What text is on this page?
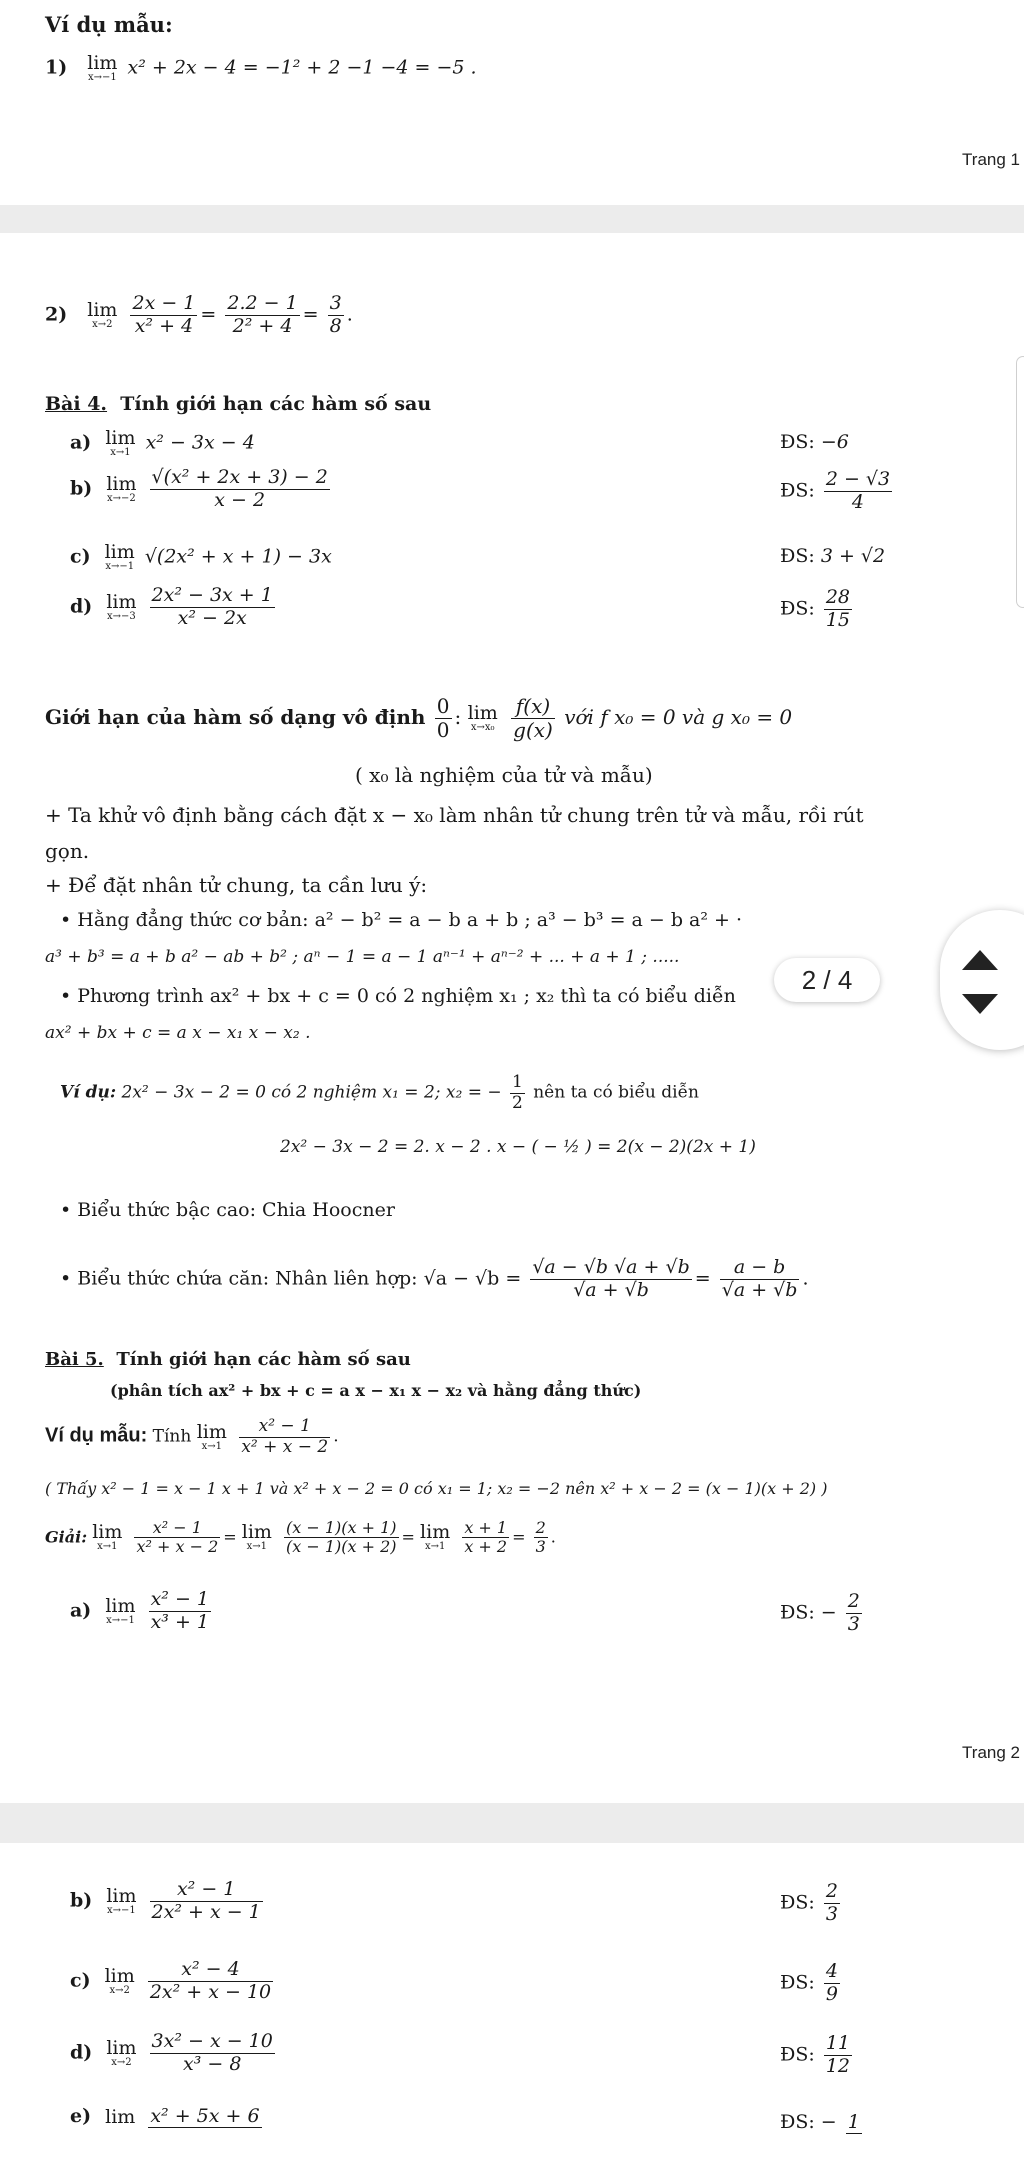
Ví dụ mẫu:
1) lim
x→−1 x² + 2x − 4 = −1² + 2 −1 −4 = −5 .
Trang 1
2) lim
x→2
$\frac{2x - 1}{\text{x² + 4}} = \frac{2.2 - 1}{\text{2² + 4}} = \frac{3}{8}$ .
Bài 4. Tính giới hạn các hàm số sau
a) lim
x→1 x² − 3x − 4	ĐS: −6
b) lim
x→−2
$\frac{\text{√(x² + 2x + 3) − 2}}{x - 2}$	ĐS: $\frac{2 - √3}{4}$
c) lim
x→−1 √(2x² + x + 1) − 3x	ĐS: 3 + √2
d) lim
x→−3
$\frac{\text{2x² − 3x + 1}}{\text{x² − 2x}}$	ĐS: $\frac{28}{15}$
Giới hạn của hàm số dạng vô định $\frac{0}{0}$ : lim
x→x₀
$\frac{f(x)}{g(x)}$ với f x₀ = 0 và g x₀ = 0
( x₀ là nghiệm của tử và mẫu)
+ Ta khử vô định bằng cách đặt x − x₀ làm nhân tử chung trên tử và mẫu, rồi rút
gọn.
+ Để đặt nhân tử chung, ta cần lưu ý:
• Hằng đẳng thức cơ bản: a² − b² = a − b a + b ; a³ − b³ = a − b a² + ·
a³ + b³ = a + b a² − ab + b² ; aⁿ − 1 = a − 1 aⁿ⁻¹ + aⁿ⁻² + ... + a + 1 ; .....
• Phương trình ax² + bx + c = 0 có 2 nghiệm x₁ ; x₂ thì ta có biểu diễn
ax² + bx + c = a x − x₁ x − x₂ .
Ví dụ: 2x² − 3x − 2 = 0 có 2 nghiệm x₁ = 2; x₂ = − $\frac{1}{2}$ nên ta có biểu diễn
2x² − 3x − 2 = 2. x − 2 . x − ( − ½ ) = 2(x − 2)(2x + 1)
• Biểu thức bậc cao: Chia Hoocner
• Biểu thức chứa căn: Nhân liên hợp: $√a - √b = \frac{√a - √b √a + √b}{√a + √b} = \frac{a - b}{√a + √b}$ .
Bài 5. Tính giới hạn các hàm số sau
(phân tích ax² + bx + c = a x − x₁ x − x₂ và hằng đẳng thức)
Ví dụ mẫu: Tính lim
x→1
$\frac{\text{x² − 1}}{\text{x² + x − 2}}$ .
( Thấy x² − 1 = x − 1 x + 1 và x² + x − 2 = 0 có x₁ = 1; x₂ = −2 nên x² + x − 2 = (x − 1)(x + 2) )
Giải: lim
x→1
	$\frac{\text{x² − 1}}{\text{x² + x − 2}} = \lim$
x→1
	$\frac{(x - 1)(x + 1)}{(x - 1)(x + 2)} = \lim$
x→1
	$\frac{x + 1}{x + 2} = \frac{2}{3}$ .
a) lim
x→−1
$\frac{\text{x² − 1}}{\text{x³ + 1}}$	ĐS: − $\frac{2}{3}$
Trang 2
b) lim
x→−1
$\frac{\text{x² − 1}}{\text{2x² + x − 1}}$	ĐS: $\frac{2}{3}$
c) lim
x→2
$\frac{\text{x² − 4}}{\text{2x² + x − 10}}$	ĐS: $\frac{4}{9}$
d) lim
x→2
$\frac{\text{3x² − x − 10}}{\text{x³ − 8}}$	ĐS: $\frac{11}{12}$
e) lim
x² + 5x + 6	ĐS: − 1
2 / 4
